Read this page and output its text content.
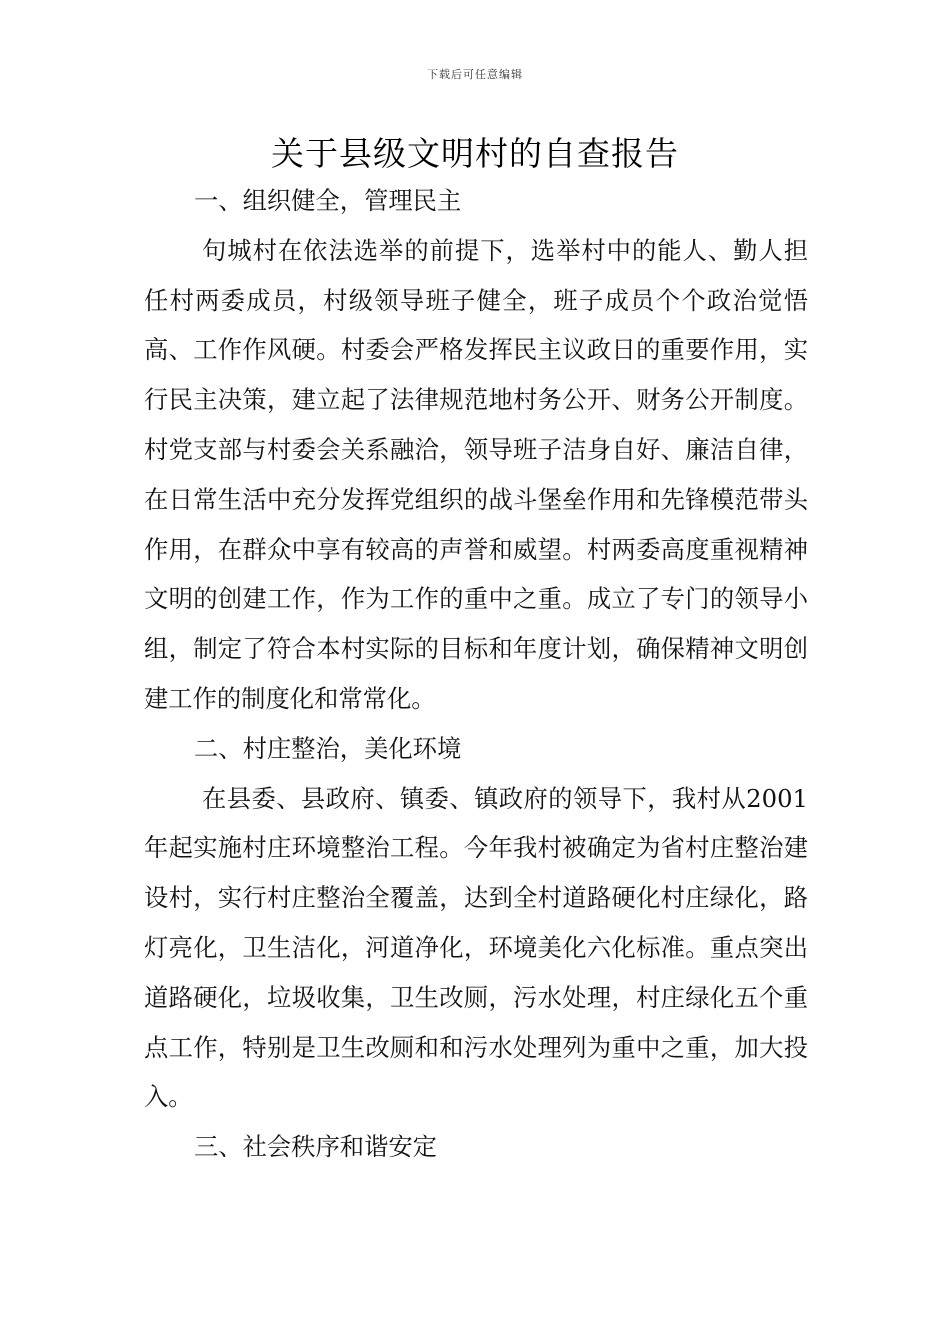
下载后可任意编辑
关于县级文明村的自查报告

一、组织健全，管理民主

句城村在依法选举的前提下，选举村中的能人、勤人担任村两委成员，村级领导班子健全，班子成员个个政治觉悟高、工作作风硬。村委会严格发挥民主议政日的重要作用，实行民主决策，建立起了法律规范地村务公开、财务公开制度。村党支部与村委会关系融洽，领导班子洁身自好、廉洁自律，在日常生活中充分发挥党组织的战斗堡垒作用和先锋模范带头作用，在群众中享有较高的声誉和威望。村两委高度重视精神文明的创建工作，作为工作的重中之重。成立了专门的领导小组，制定了符合本村实际的目标和年度计划，确保精神文明创建工作的制度化和常常化。

二、村庄整治，美化环境

在县委、县政府、镇委、镇政府的领导下，我村从2001年起实施村庄环境整治工程。今年我村被确定为省村庄整治建设村，实行村庄整治全覆盖，达到全村道路硬化村庄绿化，路灯亮化，卫生洁化，河道净化，环境美化六化标准。重点突出道路硬化，垃圾收集，卫生改厕，污水处理，村庄绿化五个重点工作，特别是卫生改厕和和污水处理列为重中之重，加大投入。

三、社会秩序和谐安定
